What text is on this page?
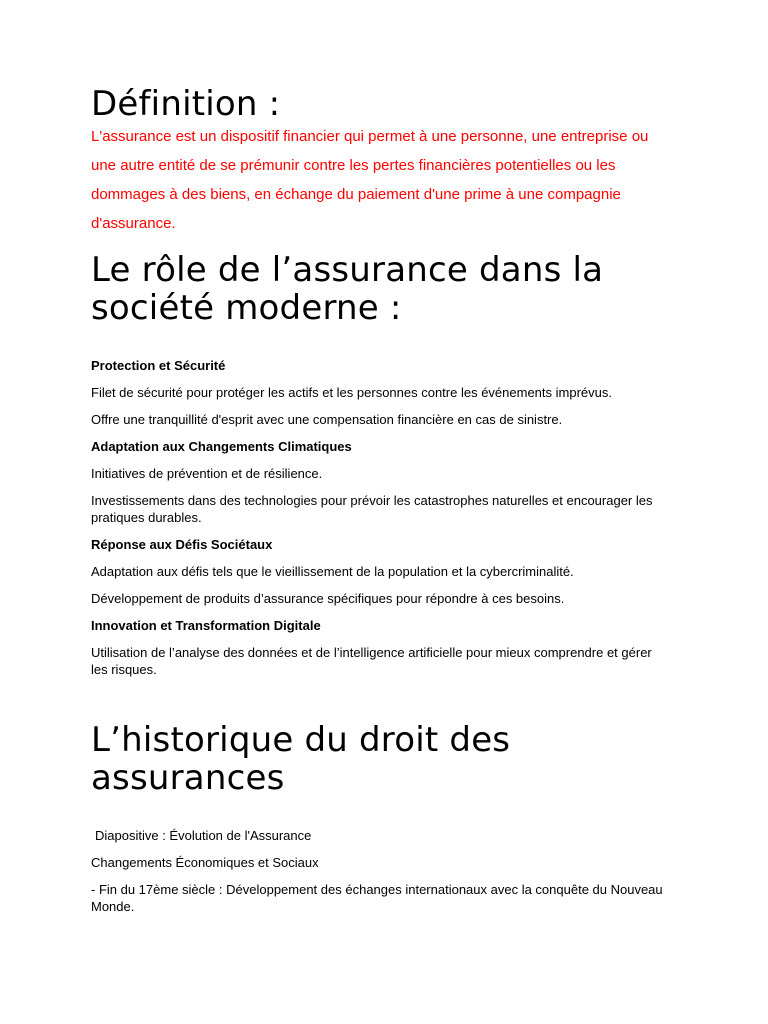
Définition :

L'assurance est un dispositif financier qui permet à une personne, une entreprise ou une autre entité de se prémunir contre les pertes financières potentielles ou les dommages à des biens, en échange du paiement d'une prime à une compagnie d'assurance.

Le rôle de l’assurance dans la société moderne :

Protection et Sécurité

Filet de sécurité pour protéger les actifs et les personnes contre les événements imprévus.

Offre une tranquillité d'esprit avec une compensation financière en cas de sinistre.

Adaptation aux Changements Climatiques

Initiatives de prévention et de résilience.

Investissements dans des technologies pour prévoir les catastrophes naturelles et encourager les pratiques durables.

Réponse aux Défis Sociétaux

Adaptation aux défis tels que le vieillissement de la population et la cybercriminalité.

Développement de produits d’assurance spécifiques pour répondre à ces besoins.

Innovation et Transformation Digitale

Utilisation de l’analyse des données et de l’intelligence artificielle pour mieux comprendre et gérer les risques.

L’historique du droit des assurances

Diapositive : Évolution de l'Assurance

Changements Économiques et Sociaux

- Fin du 17ème siècle : Développement des échanges internationaux avec la conquête du Nouveau Monde.
